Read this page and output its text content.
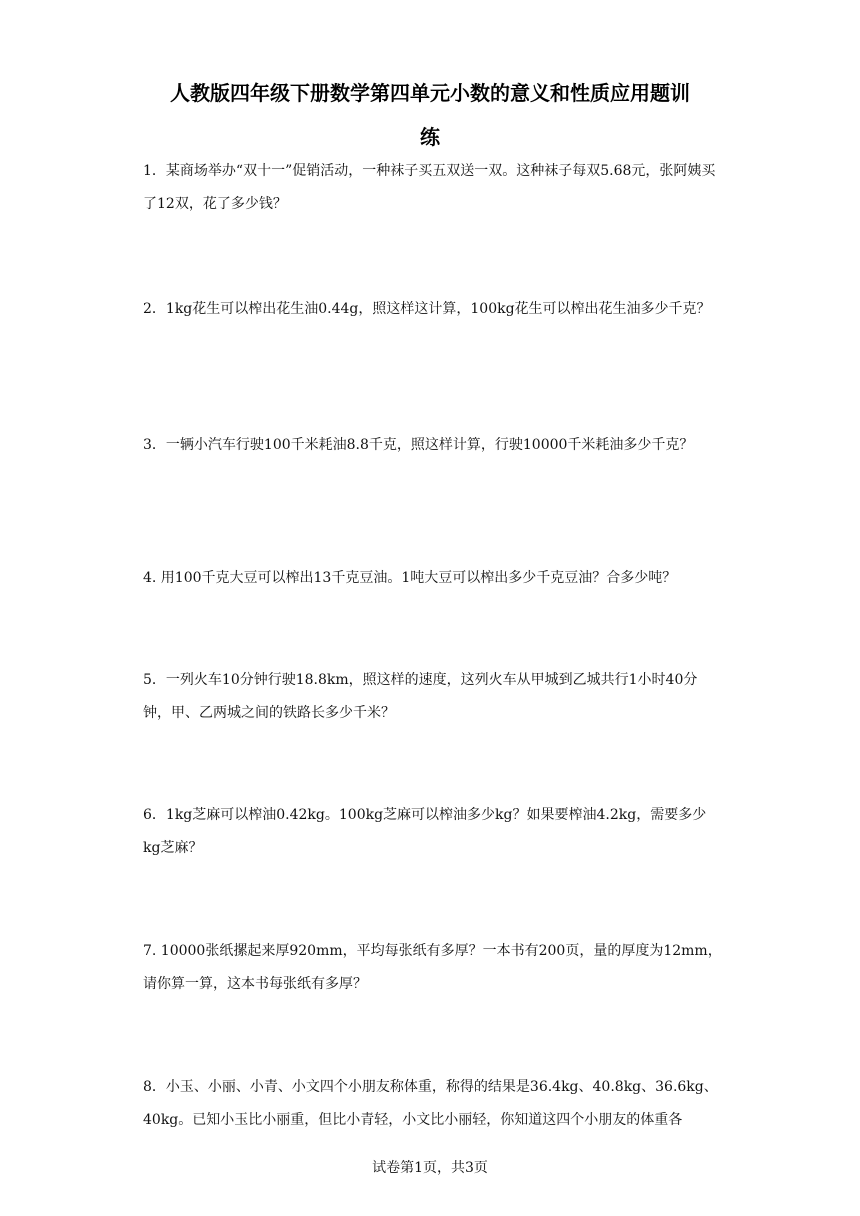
人教版四年级下册数学第四单元小数的意义和性质应用题训
练

1．某商场举办“双十一”促销活动，一种袜子买五双送一双。这种袜子每双5.68元，张阿姨买了12双，花了多少钱？

2．1kg花生可以榨出花生油0.44g，照这样这计算，100kg花生可以榨出花生油多少千克？

3．一辆小汽车行驶100千米耗油8.8千克，照这样计算，行驶10000千米耗油多少千克？

4. 用100千克大豆可以榨出13千克豆油。1吨大豆可以榨出多少千克豆油？合多少吨？

5．一列火车10分钟行驶18.8km，照这样的速度，这列火车从甲城到乙城共行1小时40分钟，甲、乙两城之间的铁路长多少千米？

6．1kg芝麻可以榨油0.42kg。100kg芝麻可以榨油多少kg？如果要榨油4.2kg，需要多少kg芝麻？

7. 10000张纸摞起来厚920mm，平均每张纸有多厚？一本书有200页，量的厚度为12mm，请你算一算，这本书每张纸有多厚？

8．小玉、小丽、小青、小文四个小朋友称体重，称得的结果是36.4kg、40.8kg、36.6kg、40kg。已知小玉比小丽重，但比小青轻，小文比小丽轻，你知道这四个小朋友的体重各

试卷第1页，共3页
